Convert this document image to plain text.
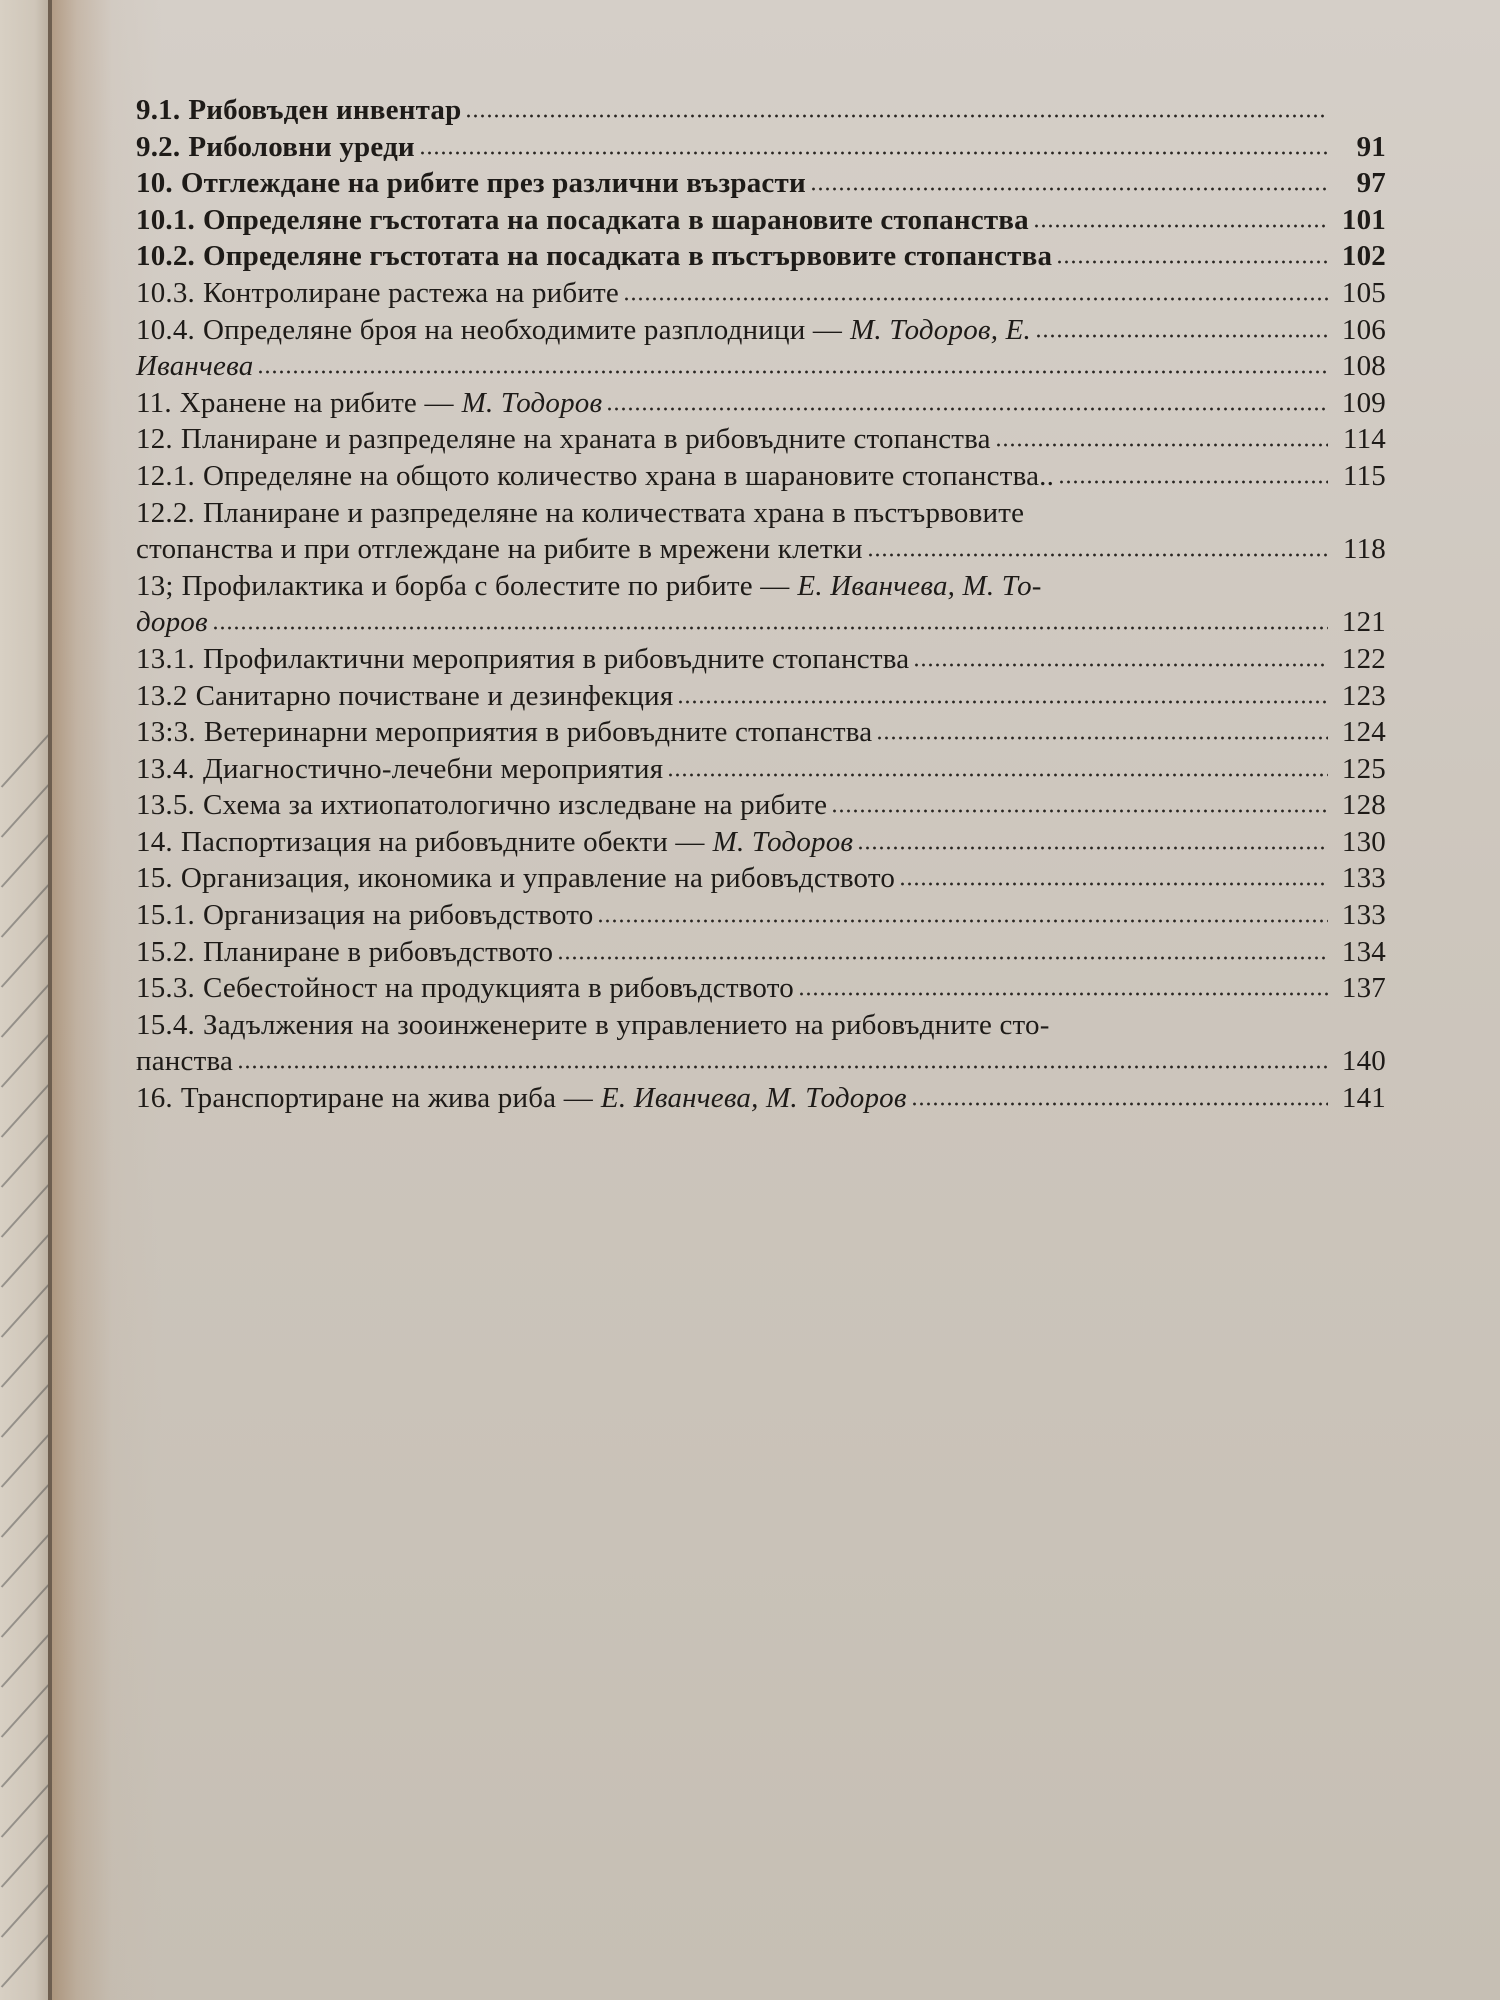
9.1. Рибовъден инвентар
9.2. Риболовни уреди	91
10. Отглеждане на рибите през различни възрасти	97
10.1. Определяне гъстотата на посадката в шарановите стопанства	101
10.2. Определяне гъстотата на посадката в пъстървовите стопанства	102
10.3. Контролиране растежа на рибите	105
10.4. Определяне броя на необходимите разплодници — М. Тодоров, Е.	106
Иванчева	108
11. Хранене на рибите — М. Тодоров	109
12. Планиране и разпределяне на храната в рибовъдните стопанства	114
12.1. Определяне на общото количество храна в шарановите стопанства..	115
12.2. Планиране и разпределяне на количествата храна в пъстървовите
стопанства и при отглеждане на рибите в мрежени клетки	118
13; Профилактика и борба с болестите по рибите — Е. Иванчева, М. То-
доров	121
13.1. Профилактични мероприятия в рибовъдните стопанства	122
13.2 Санитарно почистване и дезинфекция	123
13:3. Ветеринарни мероприятия в рибовъдните стопанства	124
13.4. Диагностично-лечебни мероприятия	125
13.5. Схема за ихтиопатологично изследване на рибите	128
14. Паспортизация на рибовъдните обекти — М. Тодоров	130
15. Организация, икономика и управление на рибовъдството	133
15.1. Организация на рибовъдството	133
15.2. Планиране в рибовъдството	134
15.3. Себестойност на продукцията в рибовъдството	137
15.4. Задължения на зооинженерите в управлението на рибовъдните сто-
панства	140
16. Транспортиране на жива риба — Е. Иванчева, М. Тодоров	141
